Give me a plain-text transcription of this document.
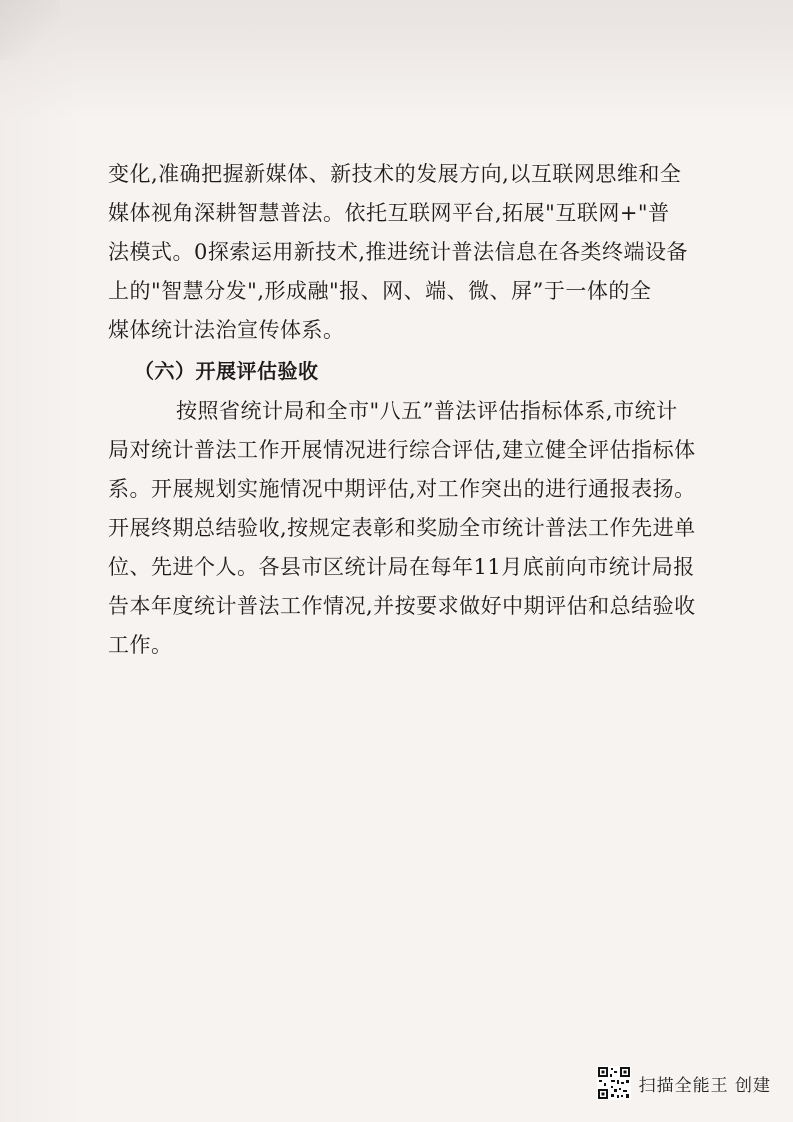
变化,准确把握新媒体、新技术的发展方向,以互联网思维和全
媒体视角深耕智慧普法。依托互联网平台,拓展"互联网+"普
法模式。0探索运用新技术,推进统计普法信息在各类终端设备
上的"智慧分发",形成融"报、网、端、微、屏”于一体的全
煤体统计法治宣传体系。
（六）开展评估验收
按照省统计局和全市"八五”普法评估指标体系,市统计
局对统计普法工作开展情况进行综合评估,建立健全评估指标体
系。开展规划实施情况中期评估,对工作突出的进行通报表扬。
开展终期总结验收,按规定表彰和奖励全市统计普法工作先进单
位、先进个人。各县市区统计局在每年11月底前向市统计局报
告本年度统计普法工作情况,并按要求做好中期评估和总结验收
工作。
扫描全能王 创建
